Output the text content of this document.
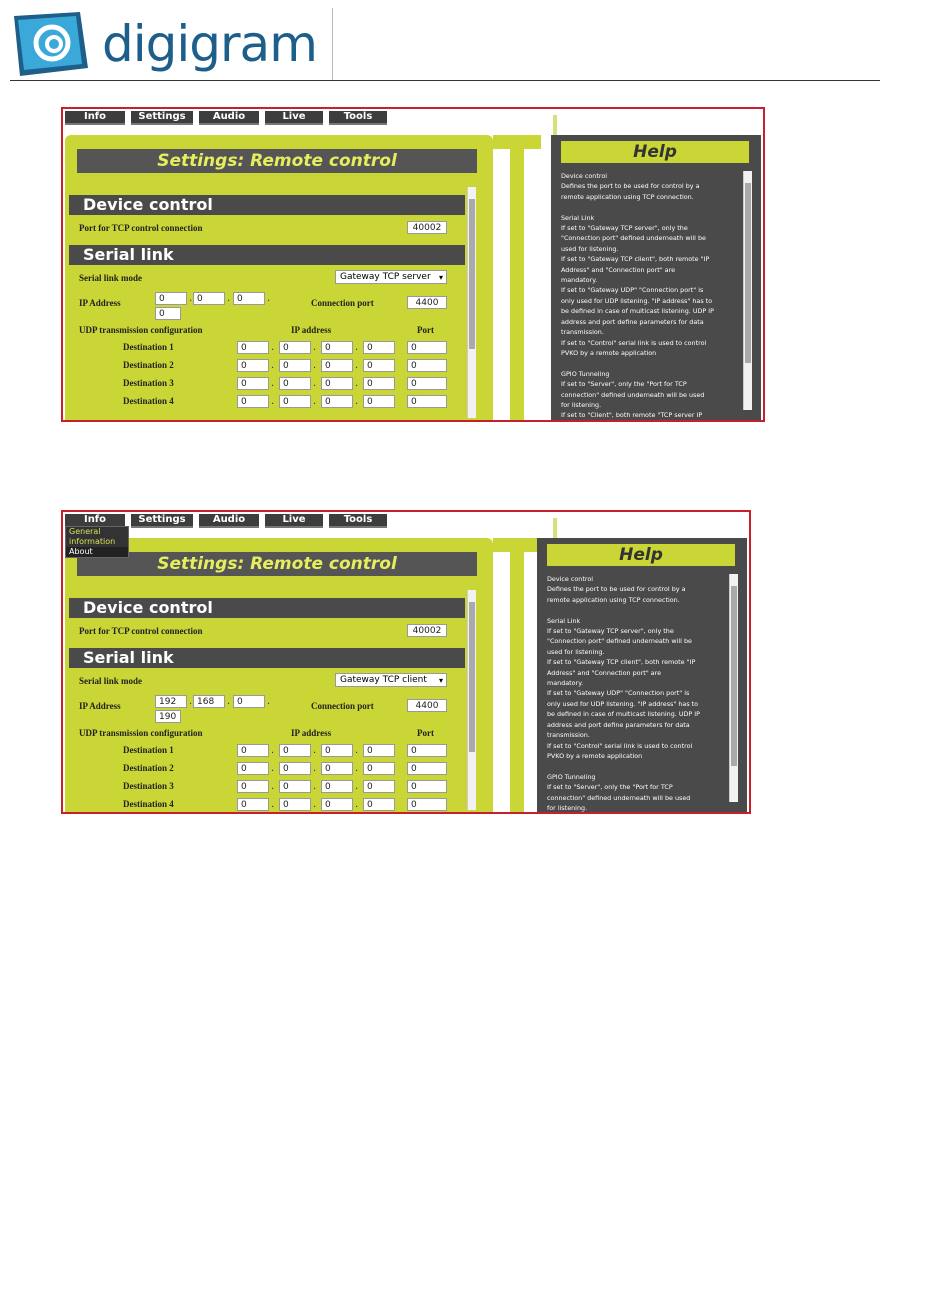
digigram
Info	Settings	Audio	Live	Tools
Settings: Remote control
Device control
Port for TCP control connection	40002
Serial link
Serial link mode	Gateway TCP server ▾
IP Address	0	. 0	. 0	.
0
Connection port	4400
UDP transmission configuration	IP address	Port
Destination 1	0	. 0	. 0	. 0	0
Destination 2	0	. 0	. 0	. 0	0
Destination 3	0	. 0	. 0	. 0	0
Destination 4	0	. 0	. 0	. 0	0
Help
Device control
Defines the port to be used for control by a
remote application using TCP connection.

Serial Link
If set to "Gateway TCP server", only the
"Connection port" defined underneath will be
used for listening.
If set to "Gateway TCP client", both remote "IP
Address" and "Connection port" are
mandatory.
If set to "Gateway UDP" "Connection port" is
only used for UDP listening. "IP address" has to
be defined in case of multicast listening. UDP IP
address and port define parameters for data
transmission.
If set to "Control" serial link is used to control
PVKO by a remote application

GPIO Tunneling
If set to "Server", only the "Port for TCP
connection" defined underneath will be used
for listening.
If set to "Client", both remote "TCP server IP
Info	Settings	Audio	Live	Tools
Settings: Remote control
Device control
Port for TCP control connection	40002
Serial link
Serial link mode	Gateway TCP client ▾
IP Address	192	. 168	. 0	.
190
Connection port	4400
UDP transmission configuration	IP address	Port
Destination 1	0	. 0	. 0	. 0	0
Destination 2	0	. 0	. 0	. 0	0
Destination 3	0	. 0	. 0	. 0	0
Destination 4	0	. 0	. 0	. 0	0
Help
Device control
Defines the port to be used for control by a
remote application using TCP connection.

Serial Link
If set to "Gateway TCP server", only the
"Connection port" defined underneath will be
used for listening.
If set to "Gateway TCP client", both remote "IP
Address" and "Connection port" are
mandatory.
If set to "Gateway UDP" "Connection port" is
only used for UDP listening. "IP address" has to
be defined in case of multicast listening. UDP IP
address and port define parameters for data
transmission.
If set to "Control" serial link is used to control
PVKO by a remote application

GPIO Tunneling
If set to "Server", only the "Port for TCP
connection" defined underneath will be used
for listening.
If set to "Client", both remote "TCP server IP
General information
About
